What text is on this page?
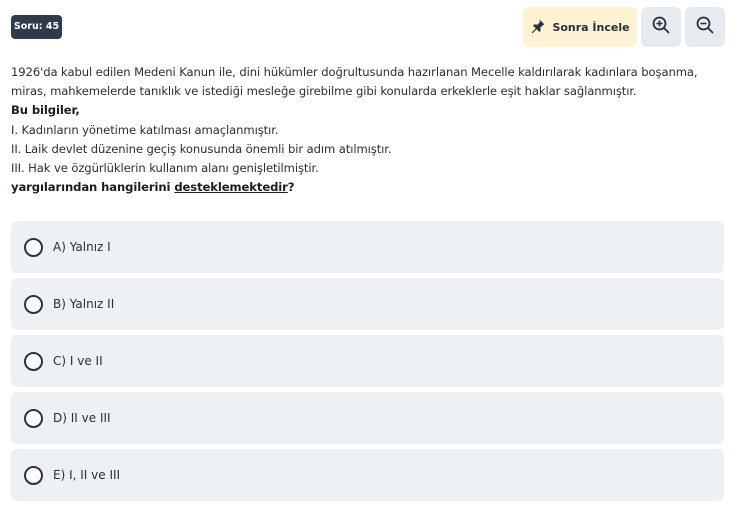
Soru: 45	Sonra İncele
1926'da kabul edilen Medeni Kanun ile, dini hükümler doğrultusunda hazırlanan Mecelle kaldırılarak kadınlara boşanma,
miras, mahkemelerde tanıklık ve istediği mesleğe girebilme gibi konularda erkeklerle eşit haklar sağlanmıştır.
Bu bilgiler,
I. Kadınların yönetime katılması amaçlanmıştır.
II. Laik devlet düzenine geçiş konusunda önemli bir adım atılmıştır.
III. Hak ve özgürlüklerin kullanım alanı genişletilmiştir.
yargılarından hangilerini desteklemektedir?
A) Yalnız I
B) Yalnız II
C) I ve II
D) II ve III
E) I, II ve III
